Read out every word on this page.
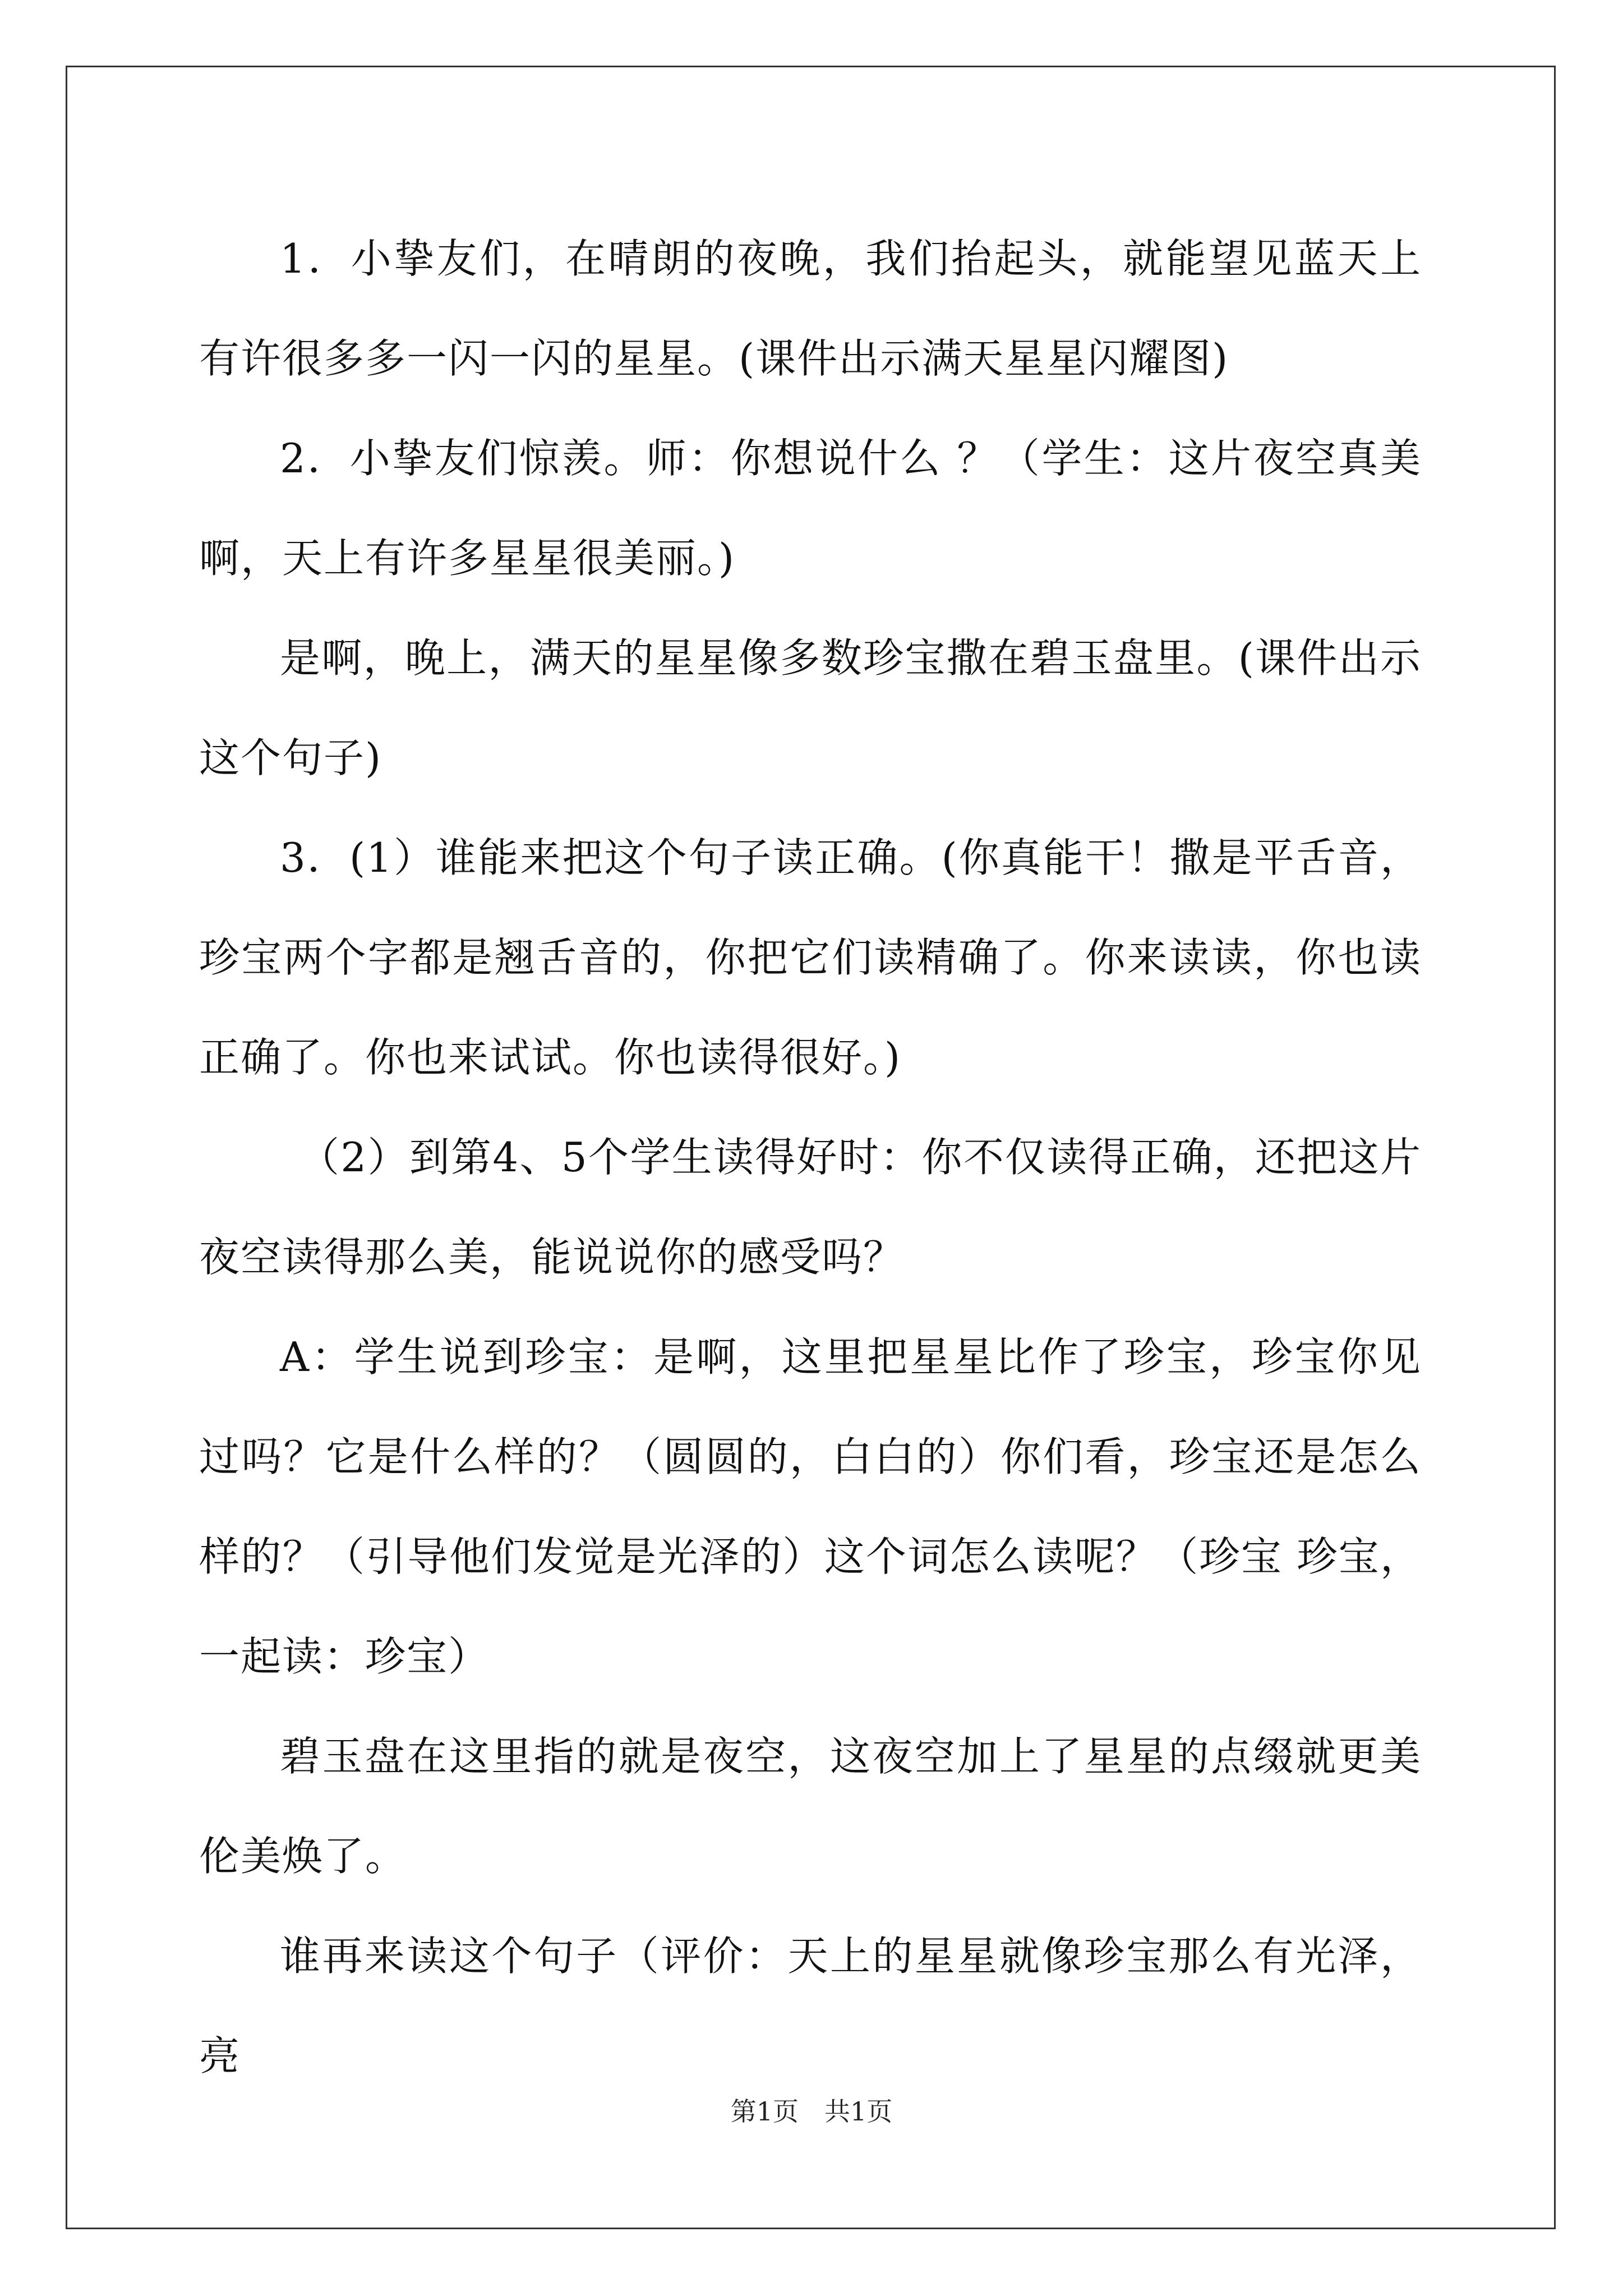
1．小挚友们，在晴朗的夜晚，我们抬起头，就能望见蓝天上有许很多多一闪一闪的星星。(课件出示满天星星闪耀图)

2．小挚友们惊羡。师：你想说什么 ？（学生：这片夜空真美啊，天上有许多星星很美丽。)

是啊，晚上，满天的星星像多数珍宝撒在碧玉盘里。(课件出示这个句子)

3．(1）谁能来把这个句子读正确。(你真能干！撒是平舌音，珍宝两个字都是翘舌音的，你把它们读精确了。你来读读，你也读正确了。你也来试试。你也读得很好。)

（2）到第4、5个学生读得好时：你不仅读得正确，还把这片夜空读得那么美，能说说你的感受吗？

A：学生说到珍宝：是啊，这里把星星比作了珍宝，珍宝你见过吗？它是什么样的？（圆圆的，白白的）你们看，珍宝还是怎么样的？（引导他们发觉是光泽的）这个词怎么读呢？（珍宝 珍宝，一起读：珍宝）

碧玉盘在这里指的就是夜空，这夜空加上了星星的点缀就更美伦美焕了。

谁再来读这个句子（评价：天上的星星就像珍宝那么有光泽，亮

第1页　共1页
